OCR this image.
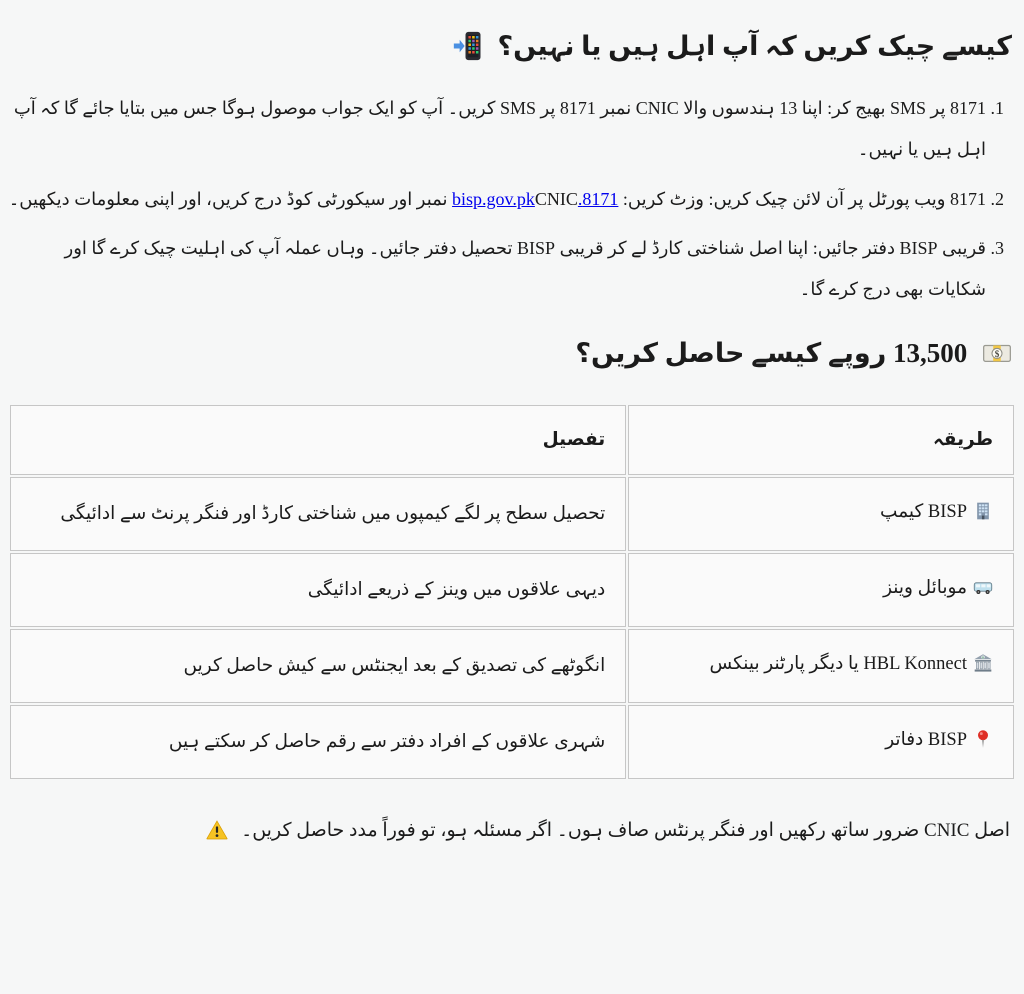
کیسے چیک کریں کہ آپ اہل ہیں یا نہیں؟
1. 8171 پر SMS بھیج کر: اپنا 13 ہندسوں والا CNIC نمبر 8171 پر SMS کریں۔ آپ کو ایک جواب موصول ہوگا جس میں بتایا جائے گا کہ آپ اہل ہیں یا نہیں۔
2. 8171 ویب پورٹل پر آن لائن چیک کریں: وزٹ کریں: 8171.CNICbisp.gov.pk نمبر اور سیکورٹی کوڈ درج کریں، اور اپنی معلومات دیکھیں۔
3. قریبی BISP دفتر جائیں: اپنا اصل شناختی کارڈ لے کر قریبی BISP تحصیل دفتر جائیں۔ وہاں عملہ آپ کی اہلیت چیک کرے گا اور شکایات بھی درج کرے گا۔
$
13,500 روپے کیسے حاصل کریں؟
طریقہ	تفصیل
BISP کیمپ	تحصیل سطح پر لگے کیمپوں میں شناختی کارڈ اور فنگر پرنٹ سے ادائیگی
موبائل وینز	دیہی علاقوں میں وینز کے ذریعے ادائیگی

$
HBL Konnect یا دیگر پارٹنر بینکس	انگوٹھے کی تصدیق کے بعد ایجنٹس سے کیش حاصل کریں
BISP دفاتر	شہری علاقوں کے افراد دفتر سے رقم حاصل کر سکتے ہیں

اصل CNIC ضرور ساتھ رکھیں اور فنگر پرنٹس صاف ہوں۔ اگر مسئلہ ہو، تو فوراً مدد حاصل کریں۔
